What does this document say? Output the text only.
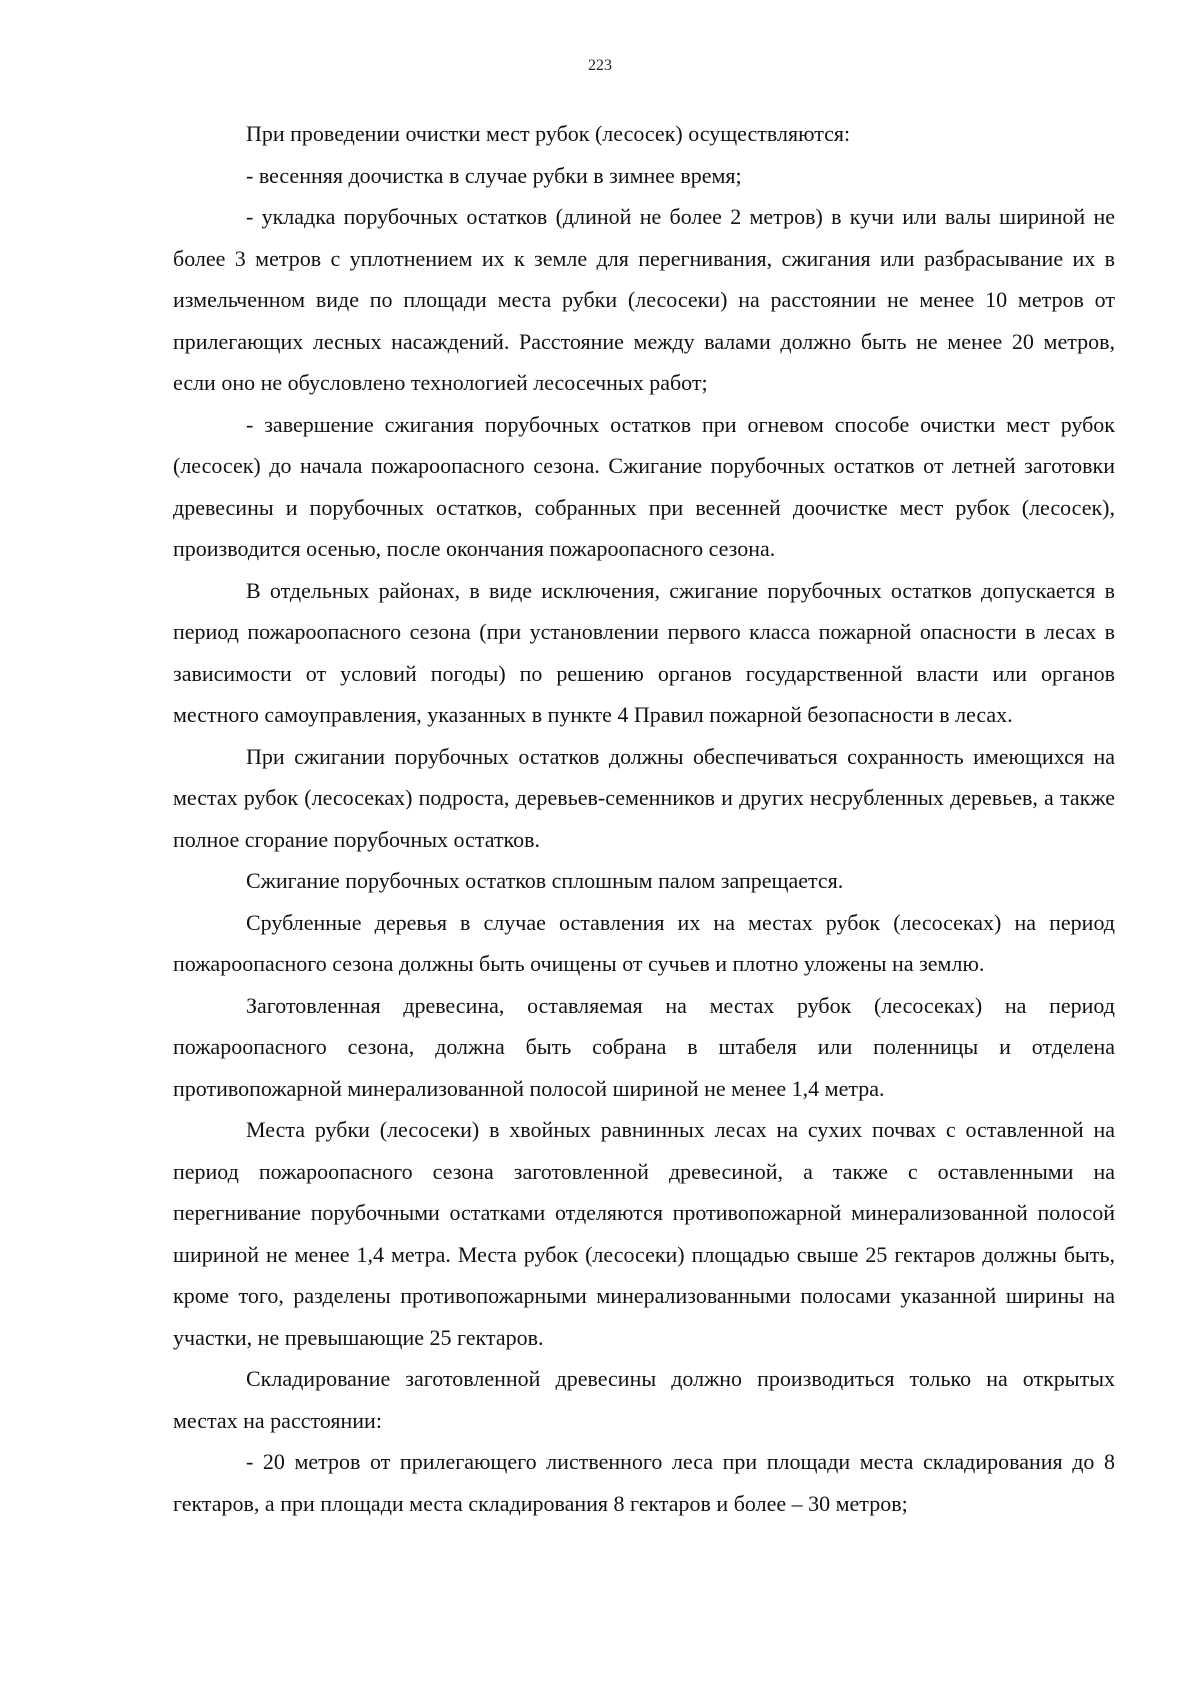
223

При проведении очистки мест рубок (лесосек) осуществляются:

- весенняя доочистка в случае рубки в зимнее время;

- укладка порубочных остатков (длиной не более 2 метров) в кучи или валы шириной не более 3 метров с уплотнением их к земле для перегнивания, сжигания или разбрасывание их в измельченном виде по площади места рубки (лесосеки) на расстоянии не менее 10 метров от прилегающих лесных насаждений. Расстояние между валами должно быть не менее 20 метров, если оно не обусловлено технологией лесосечных работ;

- завершение сжигания порубочных остатков при огневом способе очистки мест рубок (лесосек) до начала пожароопасного сезона. Сжигание порубочных остатков от летней заготовки древесины и порубочных остатков, собранных при весенней доочистке мест рубок (лесосек), производится осенью, после окончания пожароопасного сезона.

В отдельных районах, в виде исключения, сжигание порубочных остатков допускается в период пожароопасного сезона (при установлении первого класса пожарной опасности в лесах в зависимости от условий погоды) по решению органов государственной власти или органов местного самоуправления, указанных в пункте 4 Правил пожарной безопасности в лесах.

При сжигании порубочных остатков должны обеспечиваться сохранность имеющихся на местах рубок (лесосеках) подроста, деревьев-семенников и других несрубленных деревьев, а также полное сгорание порубочных остатков.

Сжигание порубочных остатков сплошным палом запрещается.

Срубленные деревья в случае оставления их на местах рубок (лесосеках) на период пожароопасного сезона должны быть очищены от сучьев и плотно уложены на землю.

Заготовленная древесина, оставляемая на местах рубок (лесосеках) на период пожароопасного сезона, должна быть собрана в штабеля или поленницы и отделена противопожарной минерализованной полосой шириной не менее 1,4 метра.

Места рубки (лесосеки) в хвойных равнинных лесах на сухих почвах с оставленной на период пожароопасного сезона заготовленной древесиной, а также с оставленными на перегнивание порубочными остатками отделяются противопожарной минерализованной полосой шириной не менее 1,4 метра. Места рубок (лесосеки) площадью свыше 25 гектаров должны быть, кроме того, разделены противопожарными минерализованными полосами указанной ширины на участки, не превышающие 25 гектаров.

Складирование заготовленной древесины должно производиться только на открытых местах на расстоянии:

- 20 метров от прилегающего лиственного леса при площади места складирования до 8 гектаров, а при площади места складирования 8 гектаров и более – 30 метров;
